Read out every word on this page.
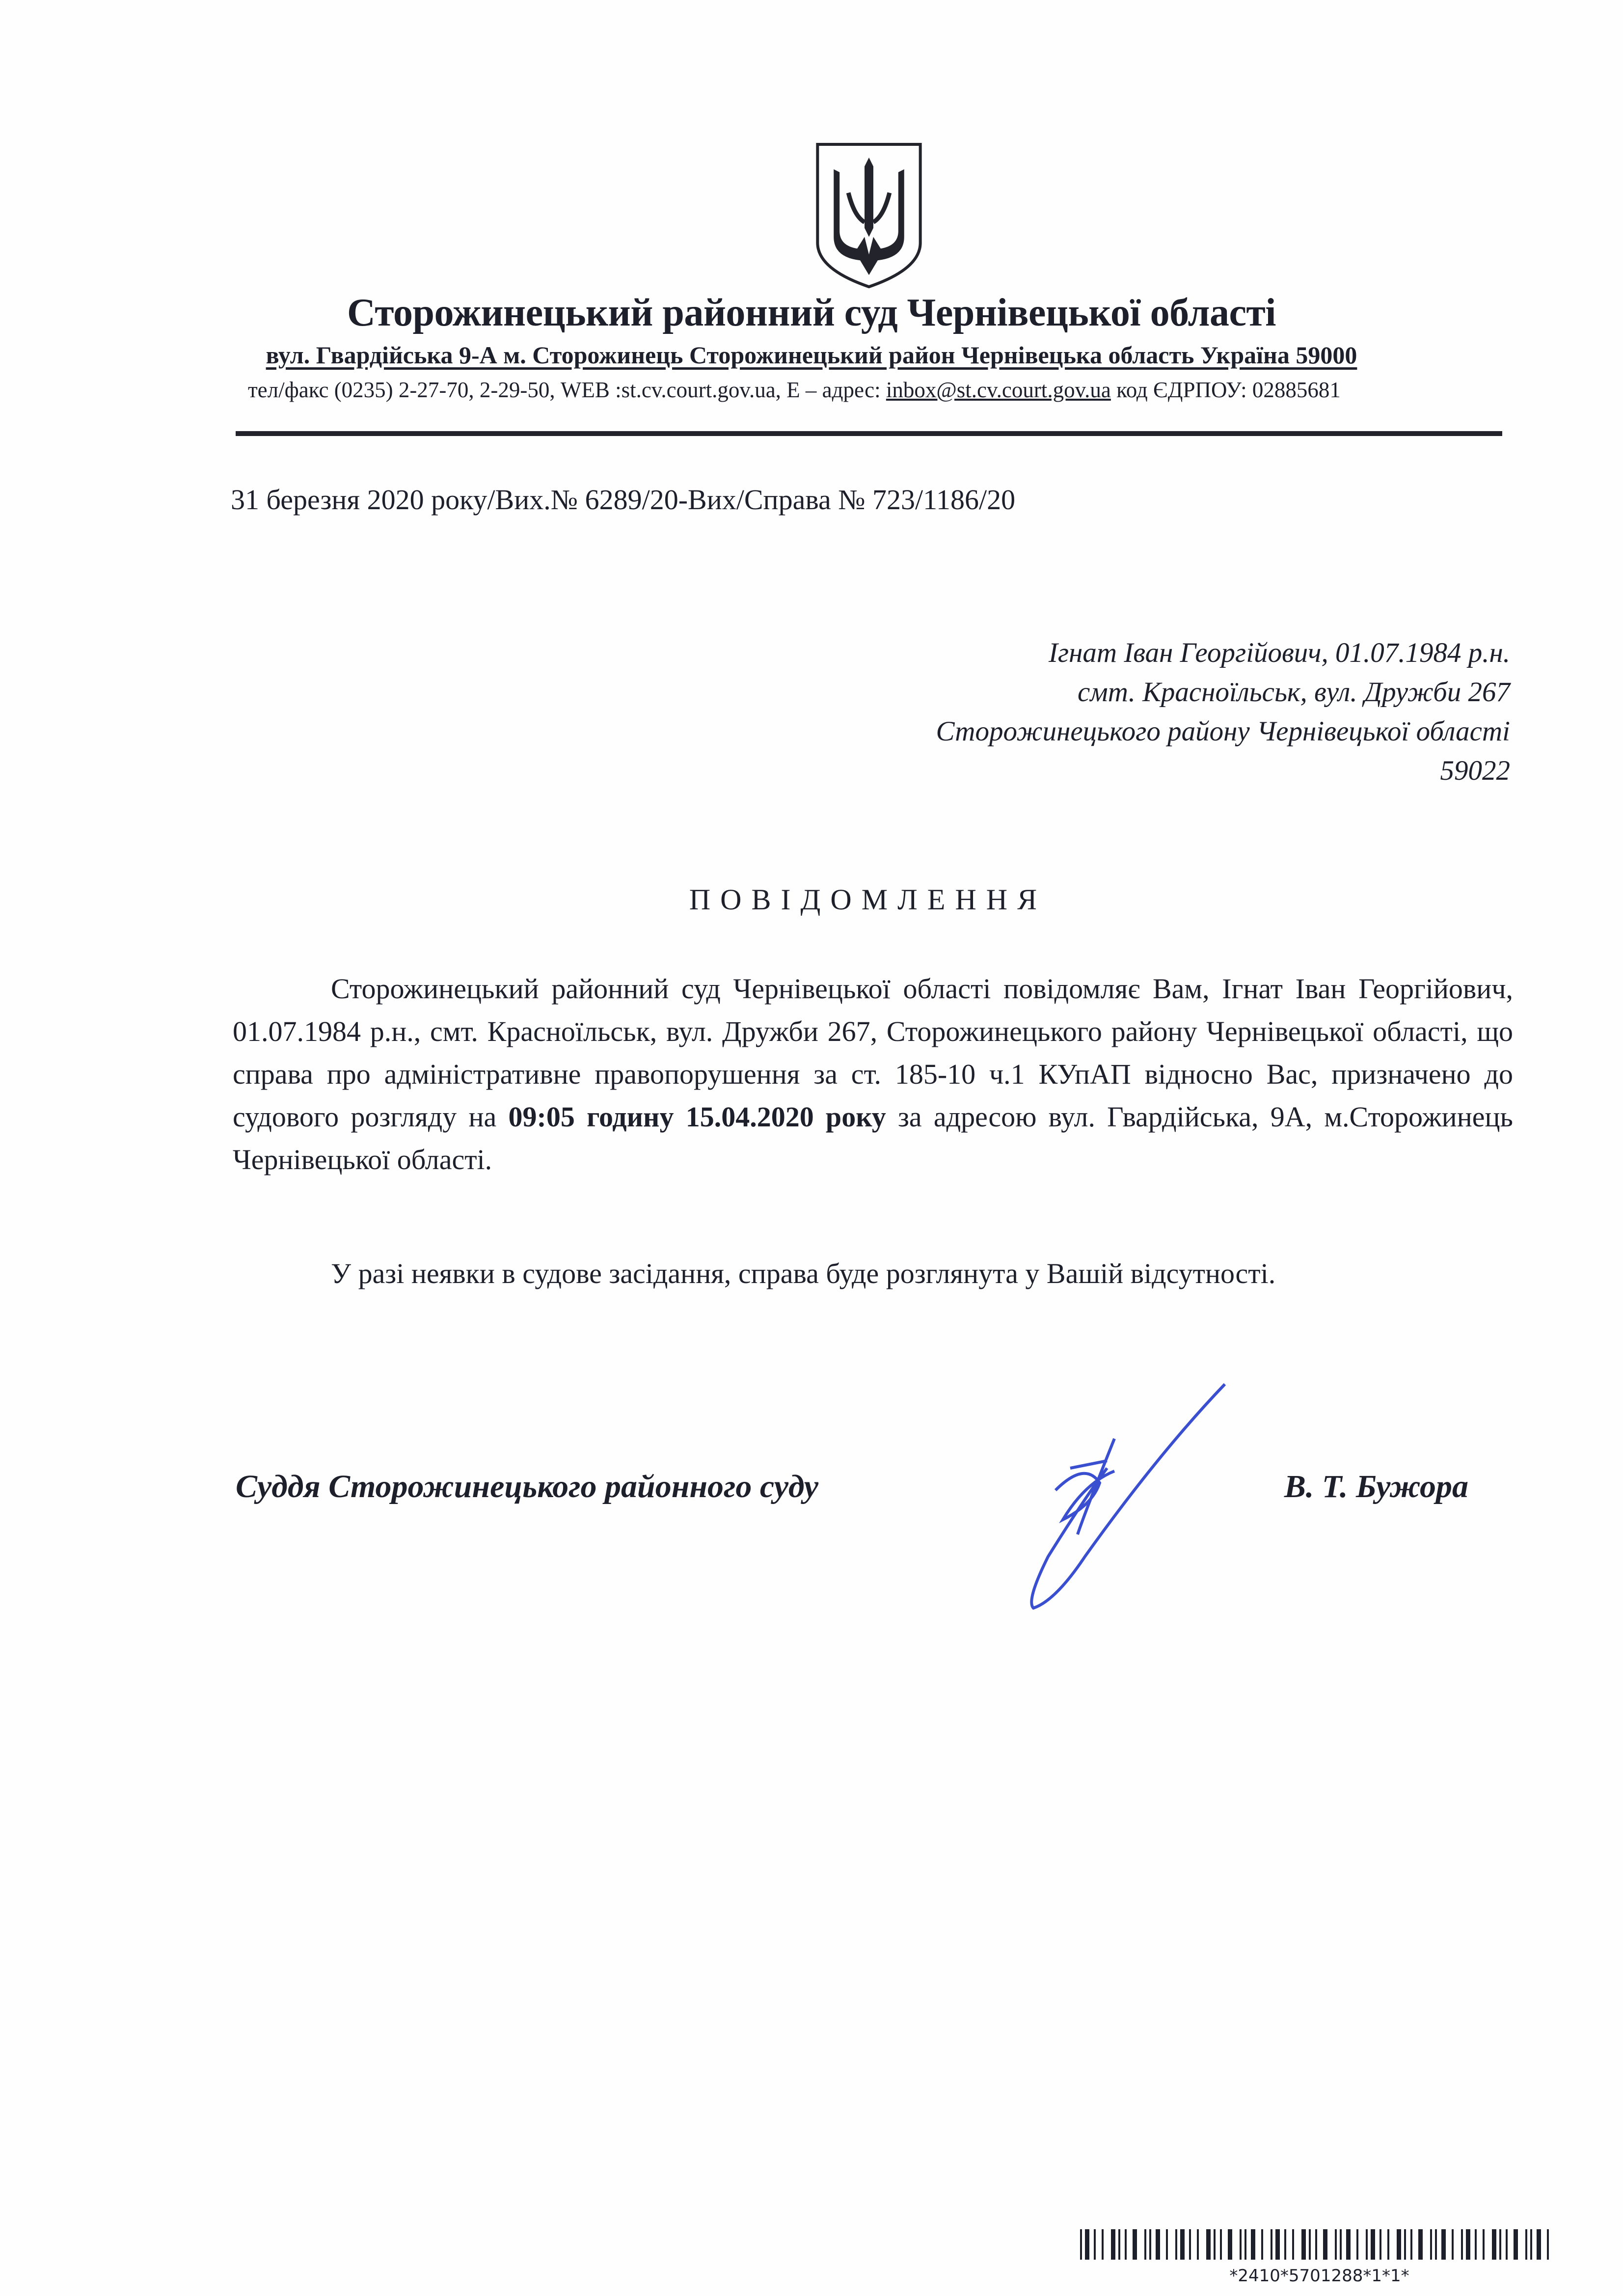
Сторожинецький районний суд Чернівецької області
вул. Гвардійська 9-А м. Сторожинець Сторожинецький район Чернівецька область Україна 59000
тел/факс (0235) 2-27-70, 2-29-50, WEB :st.cv.court.gov.ua, E – адрес: inbox@st.cv.court.gov.ua код ЄДРПОУ: 02885681
31 березня 2020 року/Вих.№ 6289/20-Вих/Справа № 723/1186/20
Ігнат Іван Георгійович, 01.07.1984 р.н.
смт. Красноїльськ, вул. Дружби 267
Сторожинецького району Чернівецької області
59022
ПОВІДОМЛЕННЯ
Сторожинецький районний суд Чернівецької області повідомляє Вам, Ігнат Іван Георгійович, 01.07.1984 р.н., смт. Красноїльськ, вул. Дружби 267, Сторожинецького району Чернівецької області, що справа про адміністративне правопорушення за ст. 185-10 ч.1 КУпАП відносно Вас, призначено до судового розгляду на 09:05 годину 15.04.2020 року за адресою вул. Гвардійська, 9А, м.Сторожинець Чернівецької області.
У разі неявки в судове засідання, справа буде розглянута у Вашій відсутності.
Суддя Сторожинецького районного суду	В. Т. Бужора
*2410*5701288*1*1*
